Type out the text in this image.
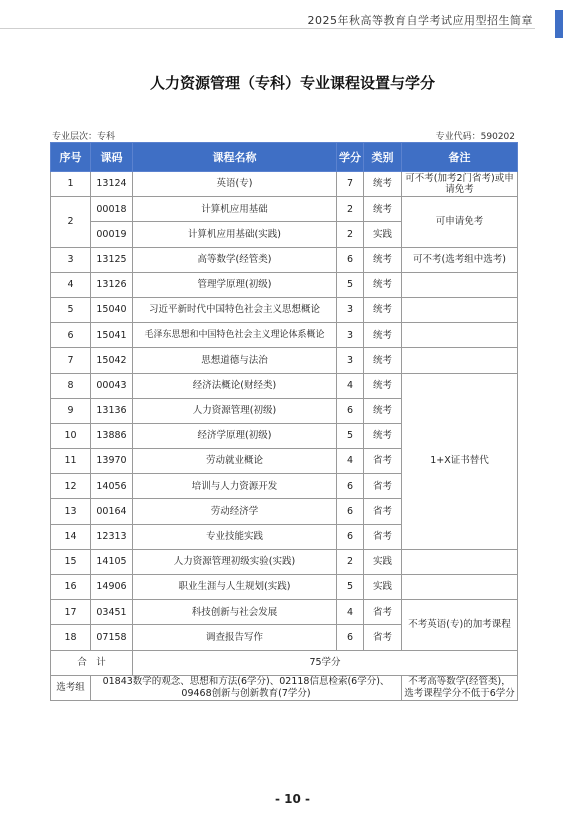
2025年秋高等教育自学考试应用型招生简章
人力资源管理（专科）专业课程设置与学分
专业层次：专科	专业代码：590202
序号	课码	课程名称	学分	类别	备注
1	13124	英语(专)	7	统考	可不考(加考2门省考)或申请免考
2	00018	计算机应用基础	2	统考	可申请免考
	00019	计算机应用基础(实践)	2	实践	
3	13125	高等数学(经管类)	6	统考	可不考(选考组中选考)
4	13126	管理学原理(初级)	5	统考	
5	15040	习近平新时代中国特色社会主义思想概论	3	统考	
6	15041	毛泽东思想和中国特色社会主义理论体系概论	3	统考	
7	15042	思想道德与法治	3	统考	
8	00043	经济法概论(财经类)	4	统考	1+X证书替代
9	13136	人力资源管理(初级)	6	统考	
10	13886	经济学原理(初级)	5	统考	
11	13970	劳动就业概论	4	省考	
12	14056	培训与人力资源开发	6	省考	
13	00164	劳动经济学	6	省考	
14	12313	专业技能实践	6	省考	
15	14105	人力资源管理初级实验(实践)	2	实践	
16	14906	职业生涯与人生规划(实践)	5	实践	
17	03451	科技创新与社会发展	4	省考	不考英语(专)的加考课程
18	07158	调查报告写作	6	省考	
合　计		75学分			
选考组	01843数学的观念、思想和方法(6学分)、02118信息检索(6学分)、09468创新与创新教育(7学分)				不考高等数学(经管类)，选考课程学分不低于6学分
- 10 -
